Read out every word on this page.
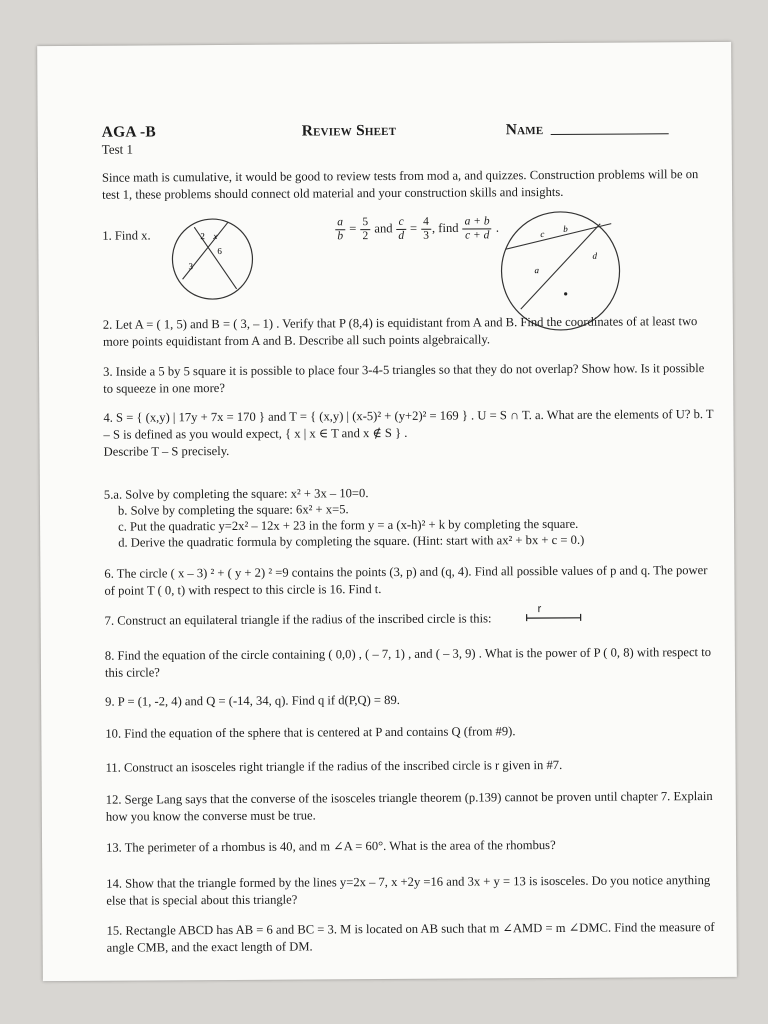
AGA -B	Review Sheet	Name
Test 1
Since math is cumulative, it would be good to review tests from mod a, and quizzes. Construction problems will be on test 1, these problems should connect old material and your construction skills and insights.
1. Find x.	2 x
6
3
$\frac{a}{b} = \frac{5}{2}$ and $\frac{c}{d} = \frac{4}{3}$ , find $\frac{a + b}{c + d}$ .	c
b
a
d
2. Let A = ( 1, 5) and B = ( 3, – 1) . Verify that P (8,4) is equidistant from A and B. Find the coordinates of at least two more points equidistant from A and B. Describe all such points algebraically.
3. Inside a 5 by 5 square it is possible to place four 3-4-5 triangles so that they do not overlap? Show how. Is it possible to squeeze in one more?
4. S = { (x,y) | 17y + 7x = 170 } and T = { (x,y) | (x-5)² + (y+2)² = 169 } . U = S ∩ T. a. What are the elements of U? b. T – S is defined as you would expect, { x | x ∈ T and x ∉ S } .
Describe T – S precisely.
5.a. Solve by completing the square: x² + 3x – 10=0.
b. Solve by completing the square: 6x² + x=5.
c. Put the quadratic y=2x² – 12x + 23 in the form y = a (x-h)² + k by completing the square.
d. Derive the quadratic formula by completing the square. (Hint: start with ax² + bx + c = 0.)
6. The circle ( x – 3) ² + ( y + 2) ² =9 contains the points (3, p) and (q, 4). Find all possible values of p and q. The power of point T ( 0, t) with respect to this circle is 16. Find t.
7. Construct an equilateral triangle if the radius of the inscribed circle is this:
r
8. Find the equation of the circle containing ( 0,0) , ( – 7, 1) , and ( – 3, 9) . What is the power of P ( 0, 8) with respect to this circle?
9. P = (1, -2, 4) and Q = (-14, 34, q). Find q if d(P,Q) = 89.
10. Find the equation of the sphere that is centered at P and contains Q (from #9).
11. Construct an isosceles right triangle if the radius of the inscribed circle is r given in #7.
12. Serge Lang says that the converse of the isosceles triangle theorem (p.139) cannot be proven until chapter 7. Explain how you know the converse must be true.
13. The perimeter of a rhombus is 40, and m ∠A = 60°. What is the area of the rhombus?
14. Show that the triangle formed by the lines y=2x – 7, x +2y =16 and 3x + y = 13 is isosceles. Do you notice anything else that is special about this triangle?
15. Rectangle ABCD has AB = 6 and BC = 3. M is located on AB such that m ∠AMD = m ∠DMC. Find the measure of angle CMB, and the exact length of DM.
